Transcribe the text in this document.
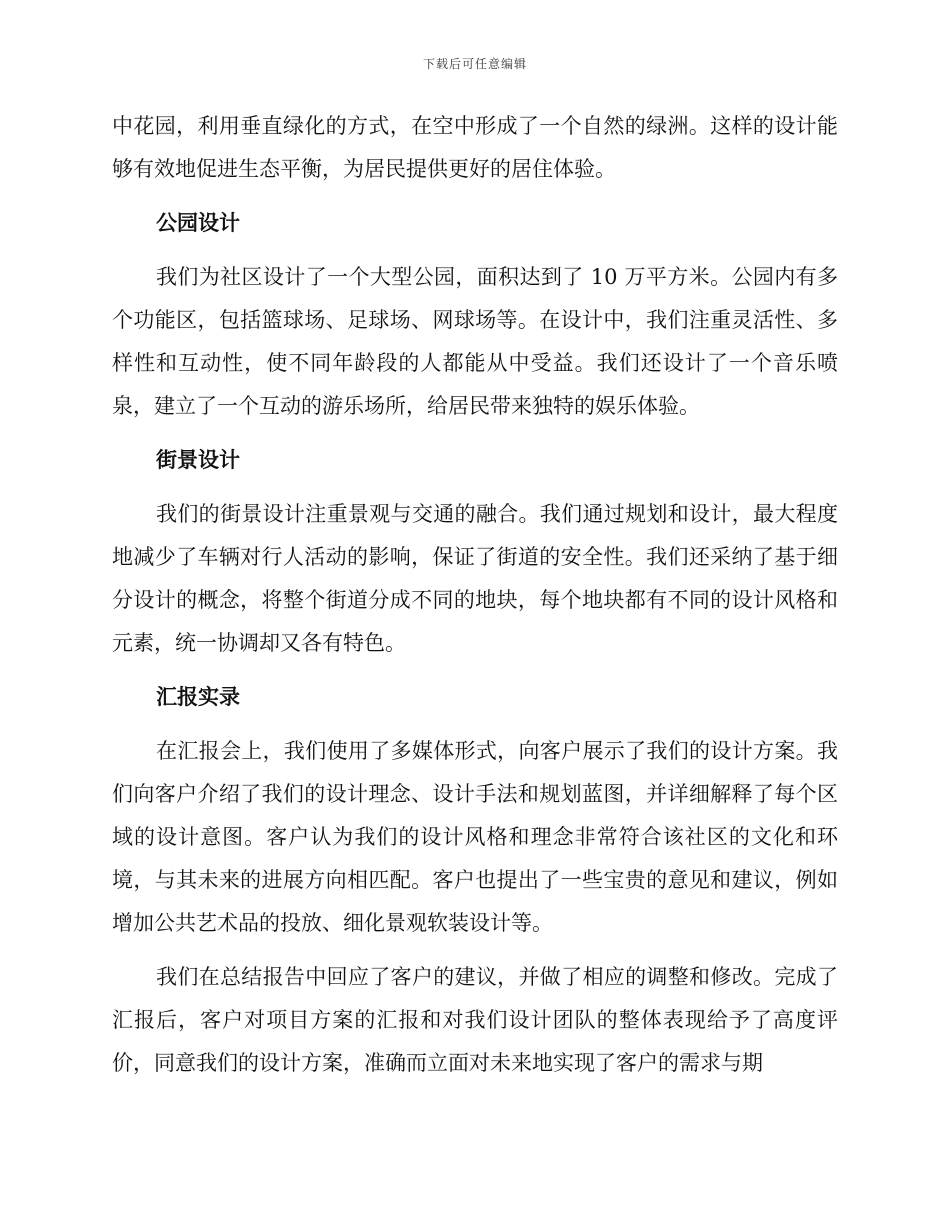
下载后可任意编辑

中花园，利用垂直绿化的方式，在空中形成了一个自然的绿洲。这样的设计能够有效地促进生态平衡，为居民提供更好的居住体验。

公园设计

我们为社区设计了一个大型公园，面积达到了 10 万平方米。公园内有多个功能区，包括篮球场、足球场、网球场等。在设计中，我们注重灵活性、多样性和互动性，使不同年龄段的人都能从中受益。我们还设计了一个音乐喷泉，建立了一个互动的游乐场所，给居民带来独特的娱乐体验。

街景设计

我们的街景设计注重景观与交通的融合。我们通过规划和设计，最大程度地减少了车辆对行人活动的影响，保证了街道的安全性。我们还采纳了基于细分设计的概念，将整个街道分成不同的地块，每个地块都有不同的设计风格和元素，统一协调却又各有特色。

汇报实录

在汇报会上，我们使用了多媒体形式，向客户展示了我们的设计方案。我们向客户介绍了我们的设计理念、设计手法和规划蓝图，并详细解释了每个区域的设计意图。客户认为我们的设计风格和理念非常符合该社区的文化和环境，与其未来的进展方向相匹配。客户也提出了一些宝贵的意见和建议，例如增加公共艺术品的投放、细化景观软装设计等。

我们在总结报告中回应了客户的建议，并做了相应的调整和修改。完成了汇报后，客户对项目方案的汇报和对我们设计团队的整体表现给予了高度评价，同意我们的设计方案，准确而立面对未来地实现了客户的需求与期
